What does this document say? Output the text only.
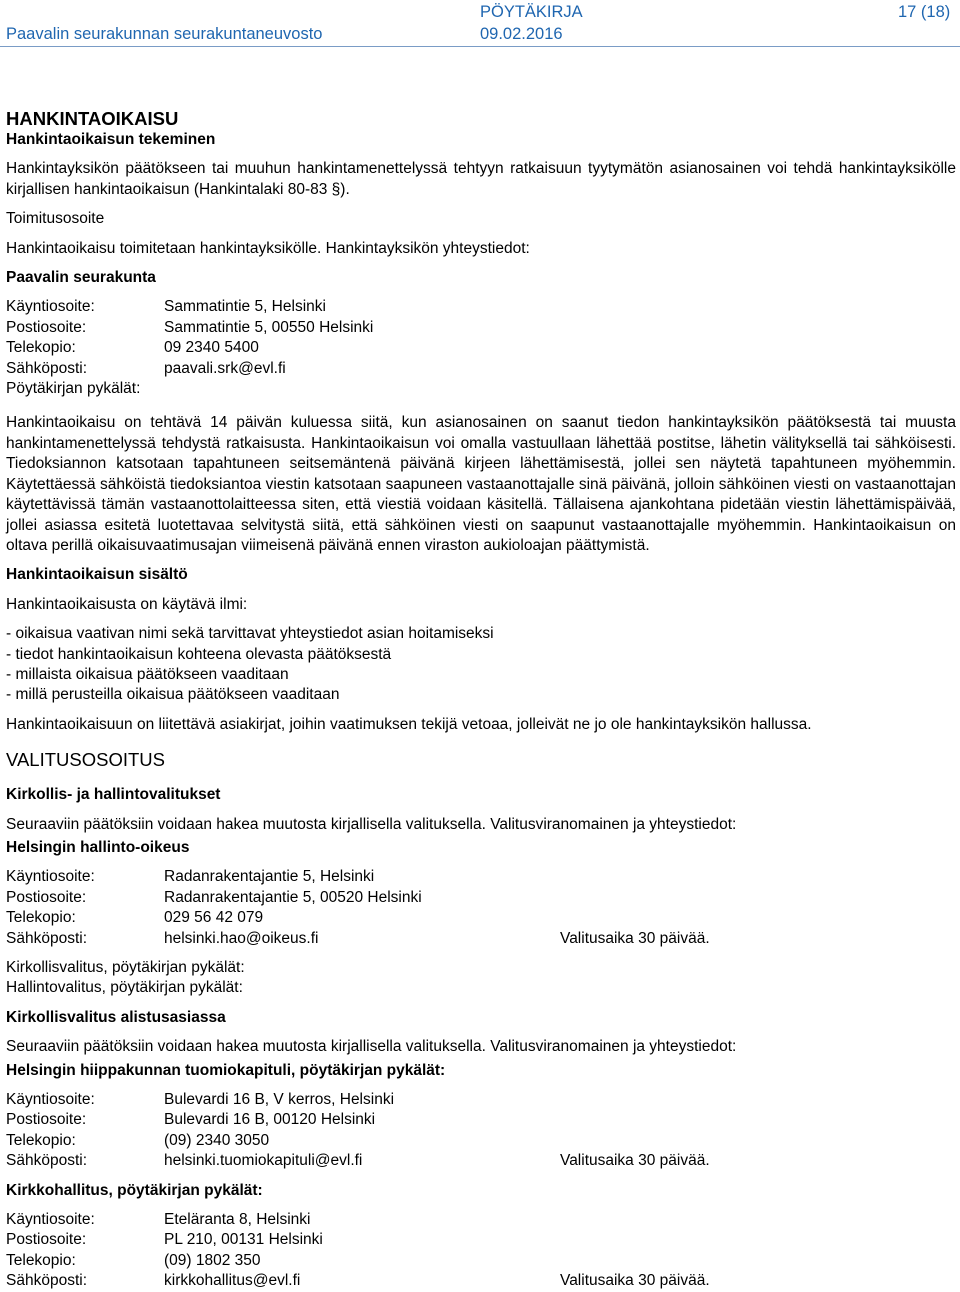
Paavalin seurakunnan seurakuntaneuvosto
PÖYTÄKIRJA	17 (18)
09.02.2016
HANKINTAOIKAISU

Hankintaoikaisun tekeminen

Hankintayksikön päätökseen tai muuhun hankintamenettelyssä tehtyyn ratkaisuun tyytymätön asianosainen voi tehdä hankintayksikölle kirjallisen hankintaoikaisun (Hankintalaki 80-83 §).

Toimitusosoite

Hankintaoikaisu toimitetaan hankintayksikölle. Hankintayksikön yhteystiedot:

Paavalin seurakunta

Käyntiosoite:	Sammatintie 5, Helsinki
Postiosoite:	Sammatintie 5, 00550 Helsinki
Telekopio:	09 2340 5400
Sähköposti:	paavali.srk@evl.fi

Pöytäkirjan pykälät:

Hankintaoikaisu on tehtävä 14 päivän kuluessa siitä, kun asianosainen on saanut tiedon hankintayksikön päätöksestä tai muusta hankintamenettelyssä tehdystä ratkaisusta. Hankintaoikaisun voi omalla vastuullaan lähettää postitse, lähetin välityksellä tai sähköisesti. Tiedoksiannon katsotaan tapahtuneen seitsemäntenä päivänä kirjeen lähettämisestä, jollei sen näytetä tapahtuneen myöhemmin. Käytettäessä sähköistä tiedoksiantoa viestin katsotaan saapuneen vastaanottajalle sinä päivänä, jolloin sähköinen viesti on vastaanottajan käytettävissä tämän vastaanottolaitteessa siten, että viestiä voidaan käsitellä. Tällaisena ajankohtana pidetään viestin lähettämispäivää, jollei asiassa esitetä luotettavaa selvitystä siitä, että sähköinen viesti on saapunut vastaanottajalle myöhemmin. Hankintaoikaisun on oltava perillä oikaisuvaatimusajan viimeisenä päivänä ennen viraston aukioloajan päättymistä.

Hankintaoikaisun sisältö

Hankintaoikaisusta on käytävä ilmi:

- oikaisua vaativan nimi sekä tarvittavat yhteystiedot asian hoitamiseksi
- tiedot hankintaoikaisun kohteena olevasta päätöksestä
- millaista oikaisua päätökseen vaaditaan
- millä perusteilla oikaisua päätökseen vaaditaan

Hankintaoikaisuun on liitettävä asiakirjat, joihin vaatimuksen tekijä vetoaa, jolleivät ne jo ole hankintayksikön hallussa.

VALITUSOSOITUS

Kirkollis- ja hallintovalitukset

Seuraaviin päätöksiin voidaan hakea muutosta kirjallisella valituksella. Valitusviranomainen ja yhteystiedot:

Helsingin hallinto-oikeus

Käyntiosoite:	Radanrakentajantie 5, Helsinki
Postiosoite:	Radanrakentajantie 5, 00520 Helsinki
Telekopio:	029 56 42 079
Sähköposti:	helsinki.hao@oikeus.fi	Valitusaika 30 päivää.

Kirkollisvalitus, pöytäkirjan pykälät:

Hallintovalitus, pöytäkirjan pykälät:

Kirkollisvalitus alistusasiassa

Seuraaviin päätöksiin voidaan hakea muutosta kirjallisella valituksella. Valitusviranomainen ja yhteystiedot:

Helsingin hiippakunnan tuomiokapituli, pöytäkirjan pykälät:

Käyntiosoite:	Bulevardi 16 B, V kerros, Helsinki
Postiosoite:	Bulevardi 16 B, 00120 Helsinki
Telekopio:	(09) 2340 3050
Sähköposti:	helsinki.tuomiokapituli@evl.fi	Valitusaika 30 päivää.

Kirkkohallitus, pöytäkirjan pykälät:

Käyntiosoite:	Eteläranta 8, Helsinki
Postiosoite:	PL 210, 00131 Helsinki
Telekopio:	(09) 1802 350
Sähköposti:	kirkkohallitus@evl.fi	Valitusaika 30 päivää.
